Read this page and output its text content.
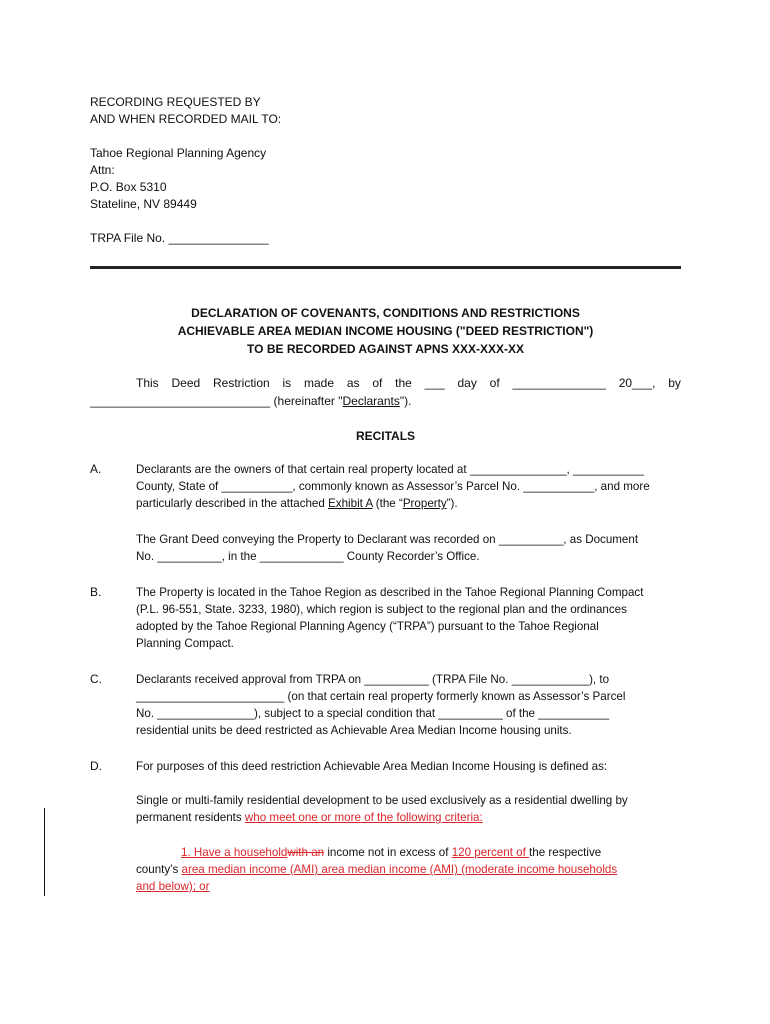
RECORDING REQUESTED BY
AND WHEN RECORDED MAIL TO:
Tahoe Regional Planning Agency
Attn:
P.O. Box 5310
Stateline, NV 89449
TRPA File No. _______________
DECLARATION OF COVENANTS, CONDITIONS AND RESTRICTIONS
ACHIEVABLE AREA MEDIAN INCOME HOUSING ("DEED RESTRICTION")
TO BE RECORDED AGAINST APNS XXX-XXX-XX
This Deed Restriction is made as of the ___ day of ______________ 20___, by
___________________________ (hereinafter "Declarants").
RECITALS
A.	Declarants are the owners of that certain real property located at _______________, ___________
County, State of ___________, commonly known as Assessor’s Parcel No. ___________, and more
particularly described in the attached Exhibit A (the “Property”).
The Grant Deed conveying the Property to Declarant was recorded on __________, as Document
No. __________, in the _____________ County Recorder’s Office.
B.	The Property is located in the Tahoe Region as described in the Tahoe Regional Planning Compact
(P.L. 96-551, State. 3233, 1980), which region is subject to the regional plan and the ordinances
adopted by the Tahoe Regional Planning Agency (“TRPA”) pursuant to the Tahoe Regional
Planning Compact.
C.	Declarants received approval from TRPA on __________ (TRPA File No. ____________), to
_______________________ (on that certain real property formerly known as Assessor’s Parcel
No. _______________), subject to a special condition that __________ of the ___________
residential units be deed restricted as Achievable Area Median Income housing units.
D.	For purposes of this deed restriction Achievable Area Median Income Housing is defined as:
Single or multi-family residential development to be used exclusively as a residential dwelling by
permanent residents who meet one or more of the following criteria:
1. Have a householdwith an income not in excess of 120 percent of the respective
county’s area median income (AMI) area median income (AMI) (moderate income households
and below); or
